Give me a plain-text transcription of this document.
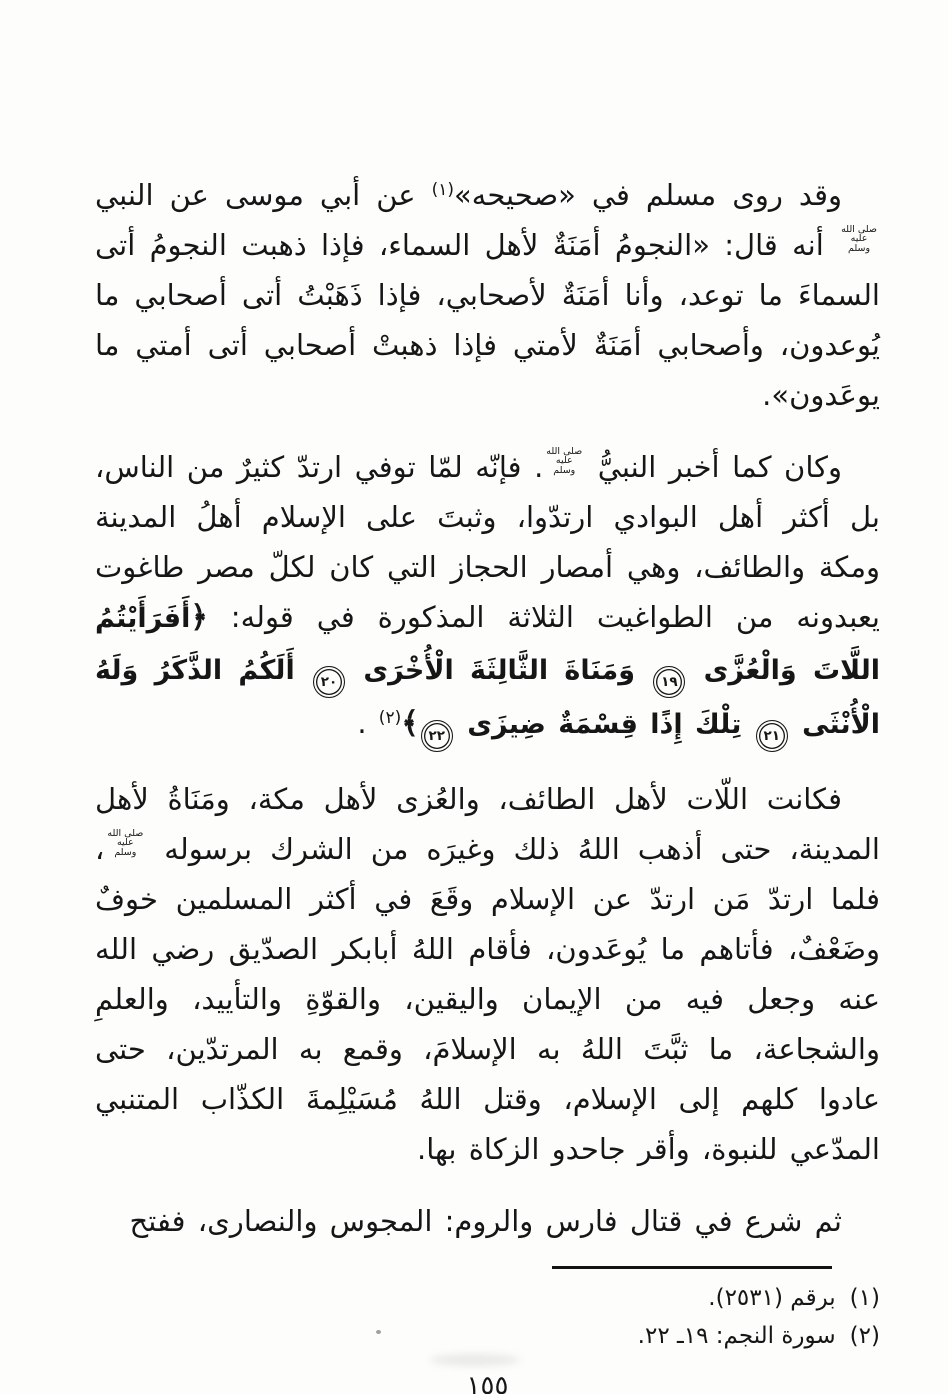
وقد روى مسلم في «صحيحه»$^{(١)}$ عن أبي موسى عن النبي
صلى الله
عليه
وسلم
أنه قال: «النجومُ أمَنَةٌ لأهل السماء، فإذا ذهبت النجومُ أتى السماءَ ما توعد، وأنا أمَنَةٌ لأصحابي، فإذا ذَهَبْتُ أتى أصحابي ما يُوعدون، وأصحابي أمَنَةٌ لأمتي فإذا ذهبتْ أصحابي أتى أمتي ما يوعَدون».

وكان كما أخبر النبيُّ
صلى الله
عليه
وسلم
. فإنّه لمّا توفي ارتدّ كثيرٌ من الناس، بل أكثر أهل البوادي ارتدّوا، وثبتَ على الإسلام أهلُ المدينة ومكة والطائف، وهي أمصار الحجاز التي كان لكلّ مصر طاغوت يعبدونه من الطواغيت الثلاثة المذكورة في قوله: ﴿أَفَرَأَيْتُمُ اللَّاتَ وَالْعُزَّى ١٩ وَمَنَاةَ الثَّالِثَةَ الْأُخْرَى ٢٠ أَلَكُمُ الذَّكَرُ وَلَهُ الْأُنْثَى ٢١ تِلْكَ إِذًا قِسْمَةٌ ضِيزَى ٢٢﴾$^{(٢)}$ .

فكانت اللّات لأهل الطائف، والعُزى لأهل مكة، ومَنَاةُ لأهل المدينة، حتى أذهب اللهُ ذلك وغيرَه من الشرك برسوله
صلى الله
عليه
وسلم
، فلما ارتدّ مَن ارتدّ عن الإسلام وقَعَ في أكثر المسلمين خوفٌ وضَعْفٌ، فأتاهم ما يُوعَدون، فأقام اللهُ أبابكر الصدّيق رضي الله عنه وجعل فيه من الإيمان واليقين، والقوّةِ والتأييد، والعلمِ والشجاعة، ما ثبَّتَ اللهُ به الإسلامَ، وقمع به المرتدّين، حتى عادوا كلهم إلى الإسلام، وقتل اللهُ مُسَيْلِمةَ الكذّاب المتنبي المدّعي للنبوة، وأقر جاحدو الزكاة بها.

ثم شرع في قتال فارس والروم: المجوس والنصارى، ففتح

(١)برقم (٢٥٣١).
(٢)سورة النجم: ١٩ـ ٢٢.
١٥٥
